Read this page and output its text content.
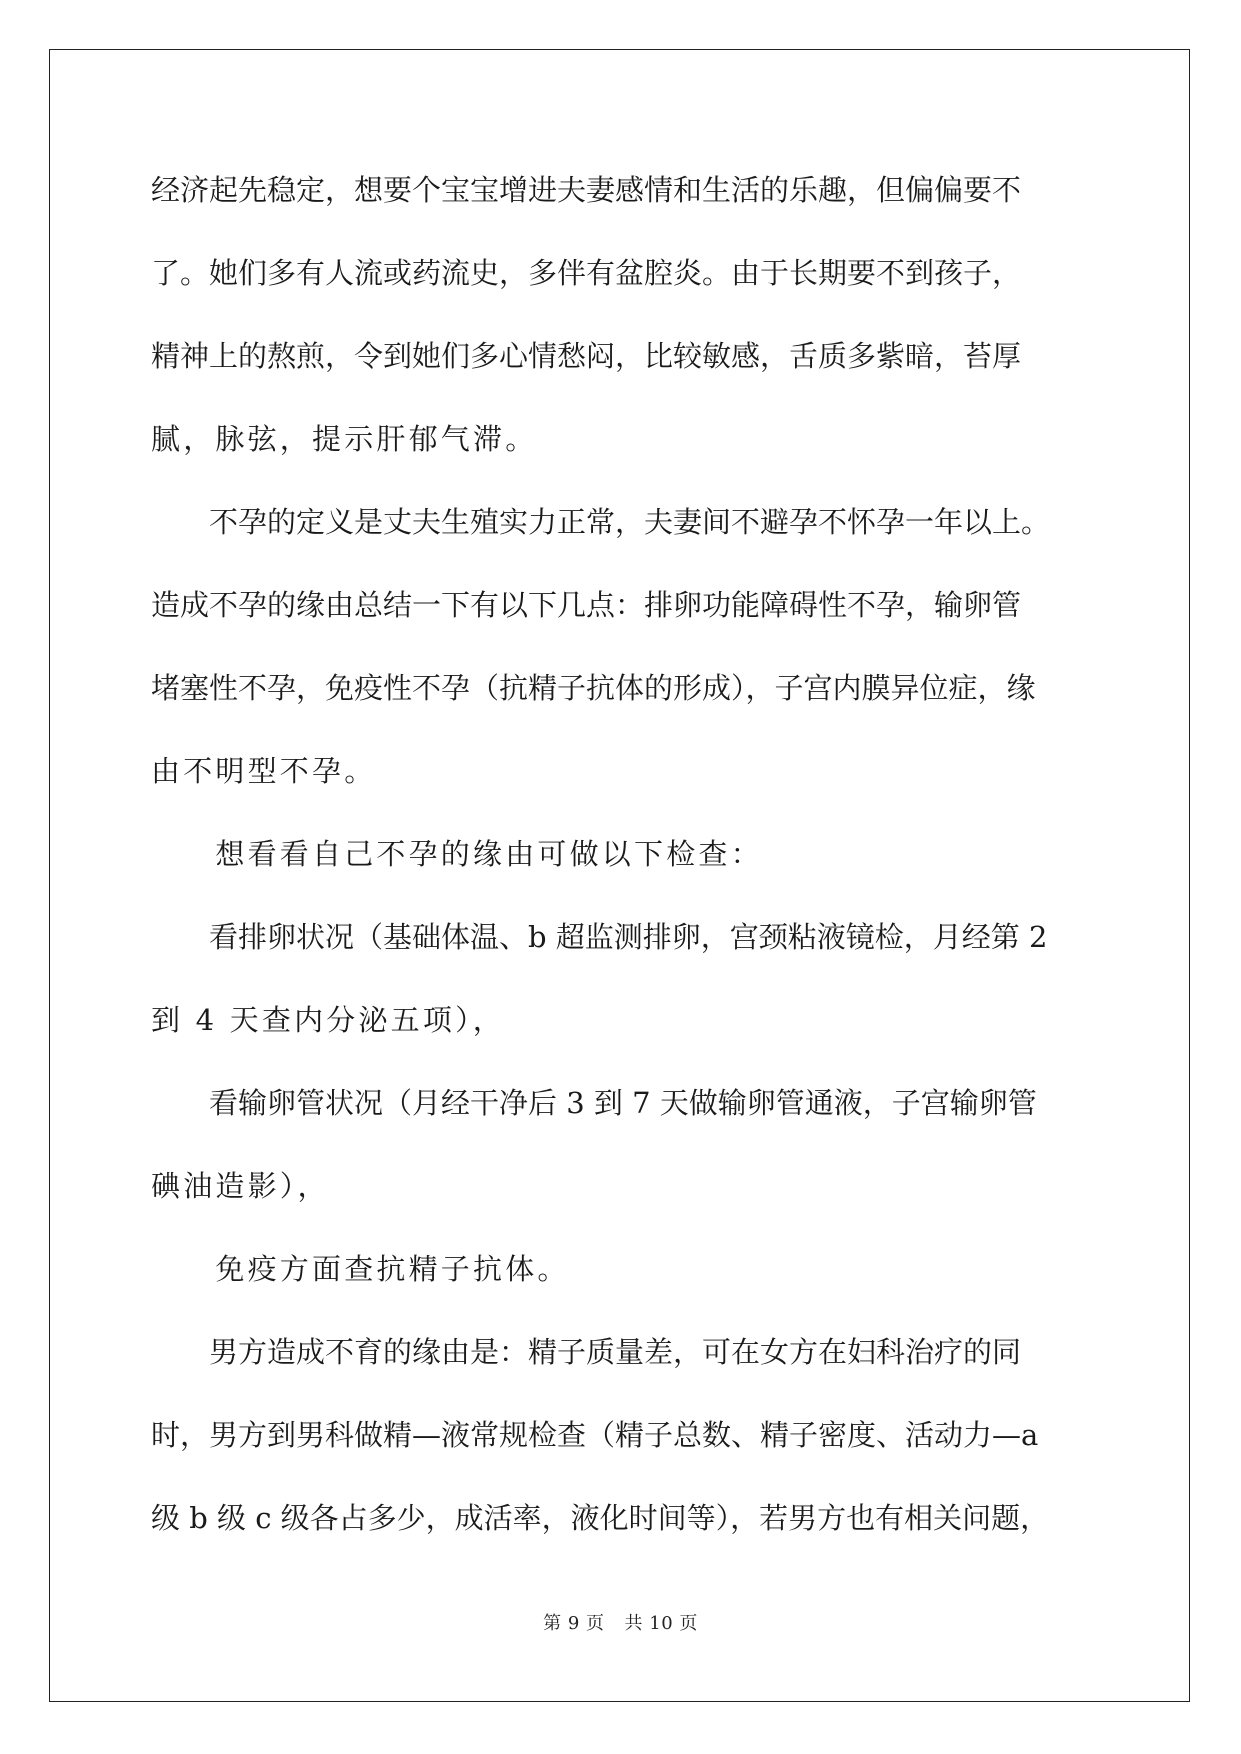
经济起先稳定，想要个宝宝增进夫妻感情和生活的乐趣，但偏偏要不
了。她们多有人流或药流史，多伴有盆腔炎。由于长期要不到孩子，
精神上的熬煎，令到她们多心情愁闷，比较敏感，舌质多紫暗，苔厚
腻，脉弦，提示肝郁气滞。
　　不孕的定义是丈夫生殖实力正常，夫妻间不避孕不怀孕一年以上。
造成不孕的缘由总结一下有以下几点：排卵功能障碍性不孕，输卵管
堵塞性不孕，免疫性不孕（抗精子抗体的形成），子宫内膜异位症，缘
由不明型不孕。
　　想看看自己不孕的缘由可做以下检查：
　　看排卵状况（基础体温、b 超监测排卵，宫颈粘液镜检，月经第 2
到 4 天查内分泌五项），
　　看输卵管状况（月经干净后 3 到 7 天做输卵管通液，子宫输卵管
碘油造影），
　　免疫方面查抗精子抗体。
　　男方造成不育的缘由是：精子质量差，可在女方在妇科治疗的同
时，男方到男科做精—液常规检查（精子总数、精子密度、活动力—a
级 b 级 c 级各占多少，成活率，液化时间等），若男方也有相关问题，
第 9 页 共 10 页
